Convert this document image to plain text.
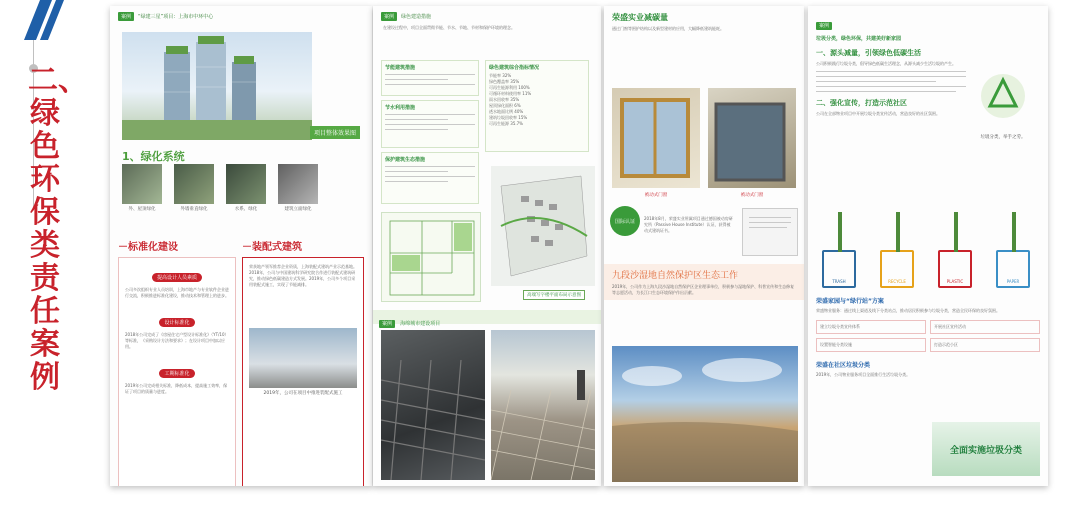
二、绿色环保类责任案例
案例	“绿建三星”项目：上海市中环中心
项目整体效果图
1、绿化系统
外、屋顶绿化	外墙垂直绿化	水系、绿化	建筑立面绿化
－标准化建设
提高设计人员素质
公司多次组织专业人员培训，上海市地产与专业软件企业进行交流，积极推进标准化建设，推动技术和管理上的进步。
设计标准化
2018年公司完成了《房屋住宅户型设计标准化》（YT/10）等标准，《采购设计方法和要求》；在设计项目中加以应用。
工期标准化
2019年公司完成相关标准，降低成本，提高施工效率，保证了项目的质量与进度。
－装配式建筑
荣获地产领军推荐企业资质，上海装配式建筑产业示范基地。2018年，公司与中国建筑科学研究院合作进行装配式建筑研究，推动绿色低碳建造方式发展。2019年，公司多个项目采用装配式施工，实现了节能减排。
2019年，公司在项目中推进装配式施工
案例	绿色建造措施
在建设过程中，项目全面贯彻节能、节水、节地、节材和保护环境的理念。
节能建筑措施
节水利用措施
保护建筑生态措施
绿色建筑综合指标情况
节能率 32%
绿色覆盖率 35%
可再生能源利用 100%
可循环材料使用率 11%
雨水回收率 35%
屋顶绿化面积 6%
透水地面比例 40%
建筑垃圾回收率 15%
可再生能源 35.7%
高端写字楼平面布局示意图
案例 海绵城市建设项目
荣盛实业减碳量
通过门窗等围护结构以及新型建材的应用，大幅降低建筑能耗。
被动式门窗	被动式门窗
国际认证	2018年8月，荣盛实业所属项目通过德国被动房研究所（Passive House Institute）认证，获得被动式建筑证书。
九段沙湿地自然保护区生态工作
2019年，公司作为上海九段沙湿地自然保护区企业理事单位，积极参与湿地保护、科普宣传和生态修复等志愿活动，为长江口生态环境保护作出贡献。
案例
垃圾分类，绿色环保，共建美好新家园
一、源头减量，引领绿色低碳生活
公司积极践行垃圾分类，倡导绿色低碳生活理念，从源头减少生活垃圾的产生。
二、强化宣传，打造示范社区
公司在全部物业项目中开展垃圾分类宣传活动，营造良好的社区氛围。
垃圾分类，举手之劳。
TRASH	RECYCLE	PLASTIC	PAPER
荣盛家园与“绿行站”方案
荣盛物业服务：通过线上渠道及线下分类站点，推动居民积极参与垃圾分类，营造全民环保的良好氛围。
建立垃圾分类宣传体系	开展社区宣传活动
设置智能分类设施	打造示范小区
荣盛在社区垃圾分类
2019年，公司物业服务项目全面推行生活垃圾分类。
全面实施垃圾分类
